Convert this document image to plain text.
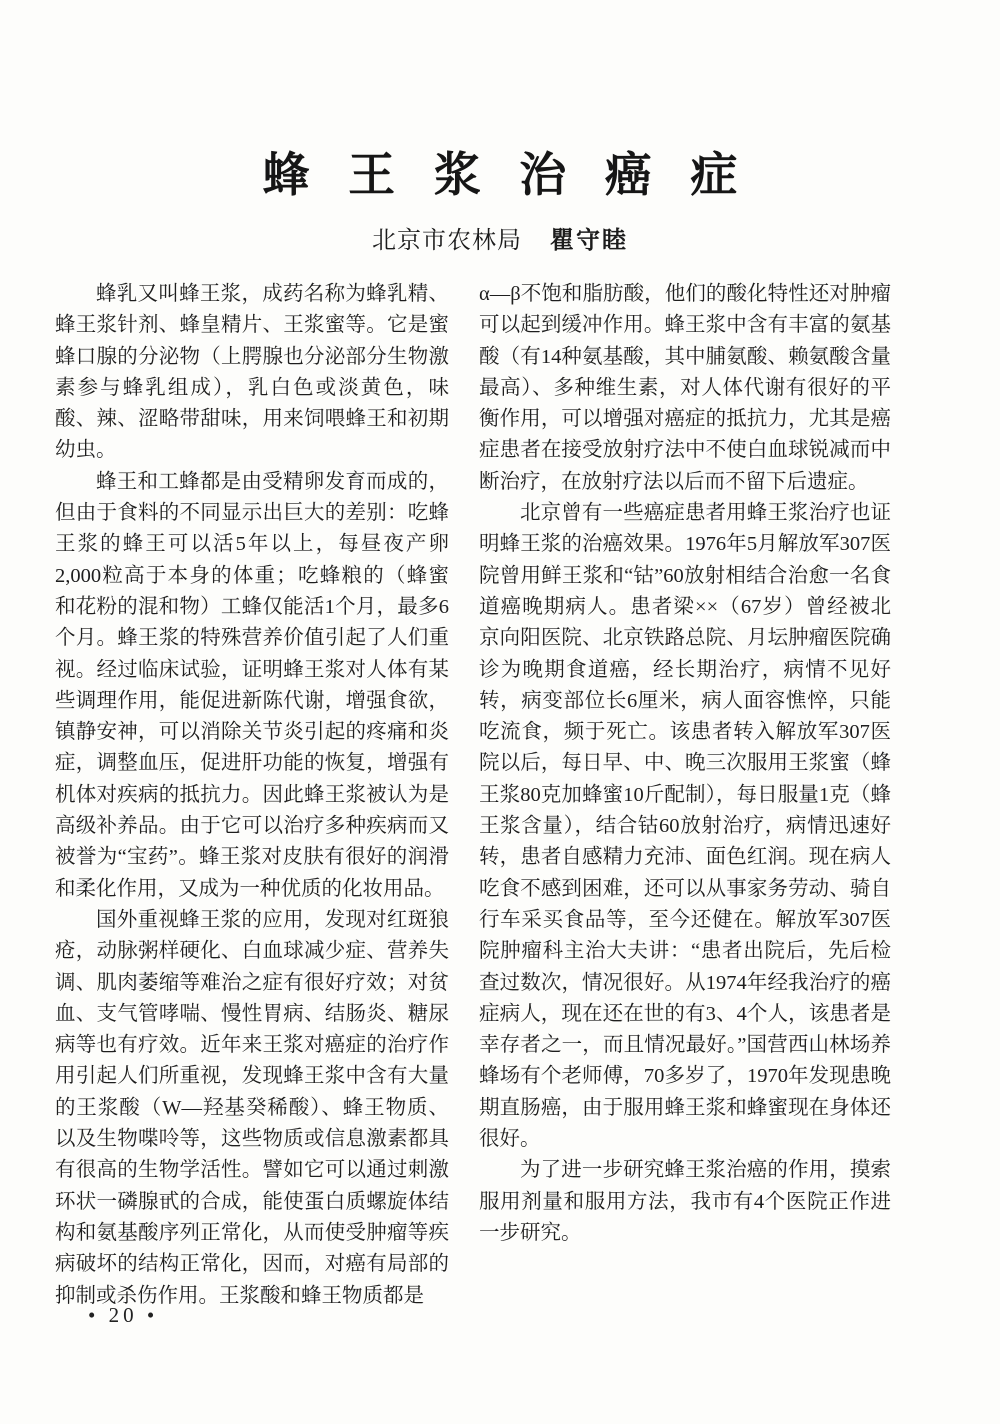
蜂王浆治癌症
北京市农林局 瞿守睦

蜂乳又叫蜂王浆，成药名称为蜂乳精、蜂王浆针剂、蜂皇精片、王浆蜜等。它是蜜蜂口腺的分泌物（上腭腺也分泌部分生物激素参与蜂乳组成），乳白色或淡黄色，味酸、辣、涩略带甜味，用来饲喂蜂王和初期幼虫。

蜂王和工蜂都是由受精卵发育而成的，但由于食料的不同显示出巨大的差别：吃蜂王浆的蜂王可以活5年以上，每昼夜产卵2,000粒高于本身的体重；吃蜂粮的（蜂蜜和花粉的混和物）工蜂仅能活1个月，最多6个月。蜂王浆的特殊营养价值引起了人们重视。经过临床试验，证明蜂王浆对人体有某些调理作用，能促进新陈代谢，增强食欲，镇静安神，可以消除关节炎引起的疼痛和炎症，调整血压，促进肝功能的恢复，增强有机体对疾病的抵抗力。因此蜂王浆被认为是高级补养品。由于它可以治疗多种疾病而又被誉为“宝药”。蜂王浆对皮肤有很好的润滑和柔化作用，又成为一种优质的化妆用品。

国外重视蜂王浆的应用，发现对红斑狼疮，动脉粥样硬化、白血球减少症、营养失调、肌肉萎缩等难治之症有很好疗效；对贫血、支气管哮喘、慢性胃病、结肠炎、糖尿病等也有疗效。近年来王浆对癌症的治疗作用引起人们所重视，发现蜂王浆中含有大量的王浆酸（W—羟基癸稀酸）、蜂王物质、以及生物喋呤等，这些物质或信息激素都具有很高的生物学活性。譬如它可以通过刺激环状一磷腺甙的合成，能使蛋白质螺旋体结构和氨基酸序列正常化，从而使受肿瘤等疾病破坏的结构正常化，因而，对癌有局部的抑制或杀伤作用。王浆酸和蜂王物质都是

α—β不饱和脂肪酸，他们的酸化特性还对肿瘤可以起到缓冲作用。蜂王浆中含有丰富的氨基酸（有14种氨基酸，其中脯氨酸、赖氨酸含量最高）、多种维生素，对人体代谢有很好的平衡作用，可以增强对癌症的抵抗力，尤其是癌症患者在接受放射疗法中不使白血球锐减而中断治疗，在放射疗法以后而不留下后遗症。

北京曾有一些癌症患者用蜂王浆治疗也证明蜂王浆的治癌效果。1976年5月解放军307医院曾用鲜王浆和“钴”60放射相结合治愈一名食道癌晚期病人。患者梁××（67岁）曾经被北京向阳医院、北京铁路总院、月坛肿瘤医院确诊为晚期食道癌，经长期治疗，病情不见好转，病变部位长6厘米，病人面容憔悴，只能吃流食，频于死亡。该患者转入解放军307医院以后，每日早、中、晚三次服用王浆蜜（蜂王浆80克加蜂蜜10斤配制），每日服量1克（蜂王浆含量），结合钴60放射治疗，病情迅速好转，患者自感精力充沛、面色红润。现在病人吃食不感到困难，还可以从事家务劳动、骑自行车采买食品等，至今还健在。解放军307医院肿瘤科主治大夫讲：“患者出院后，先后检查过数次，情况很好。从1974年经我治疗的癌症病人，现在还在世的有3、4个人，该患者是幸存者之一，而且情况最好。”国营西山林场养蜂场有个老师傅，70多岁了，1970年发现患晚期直肠癌，由于服用蜂王浆和蜂蜜现在身体还很好。

为了进一步研究蜂王浆治癌的作用，摸索服用剂量和服用方法，我市有4个医院正作进一步研究。

• 20 •
